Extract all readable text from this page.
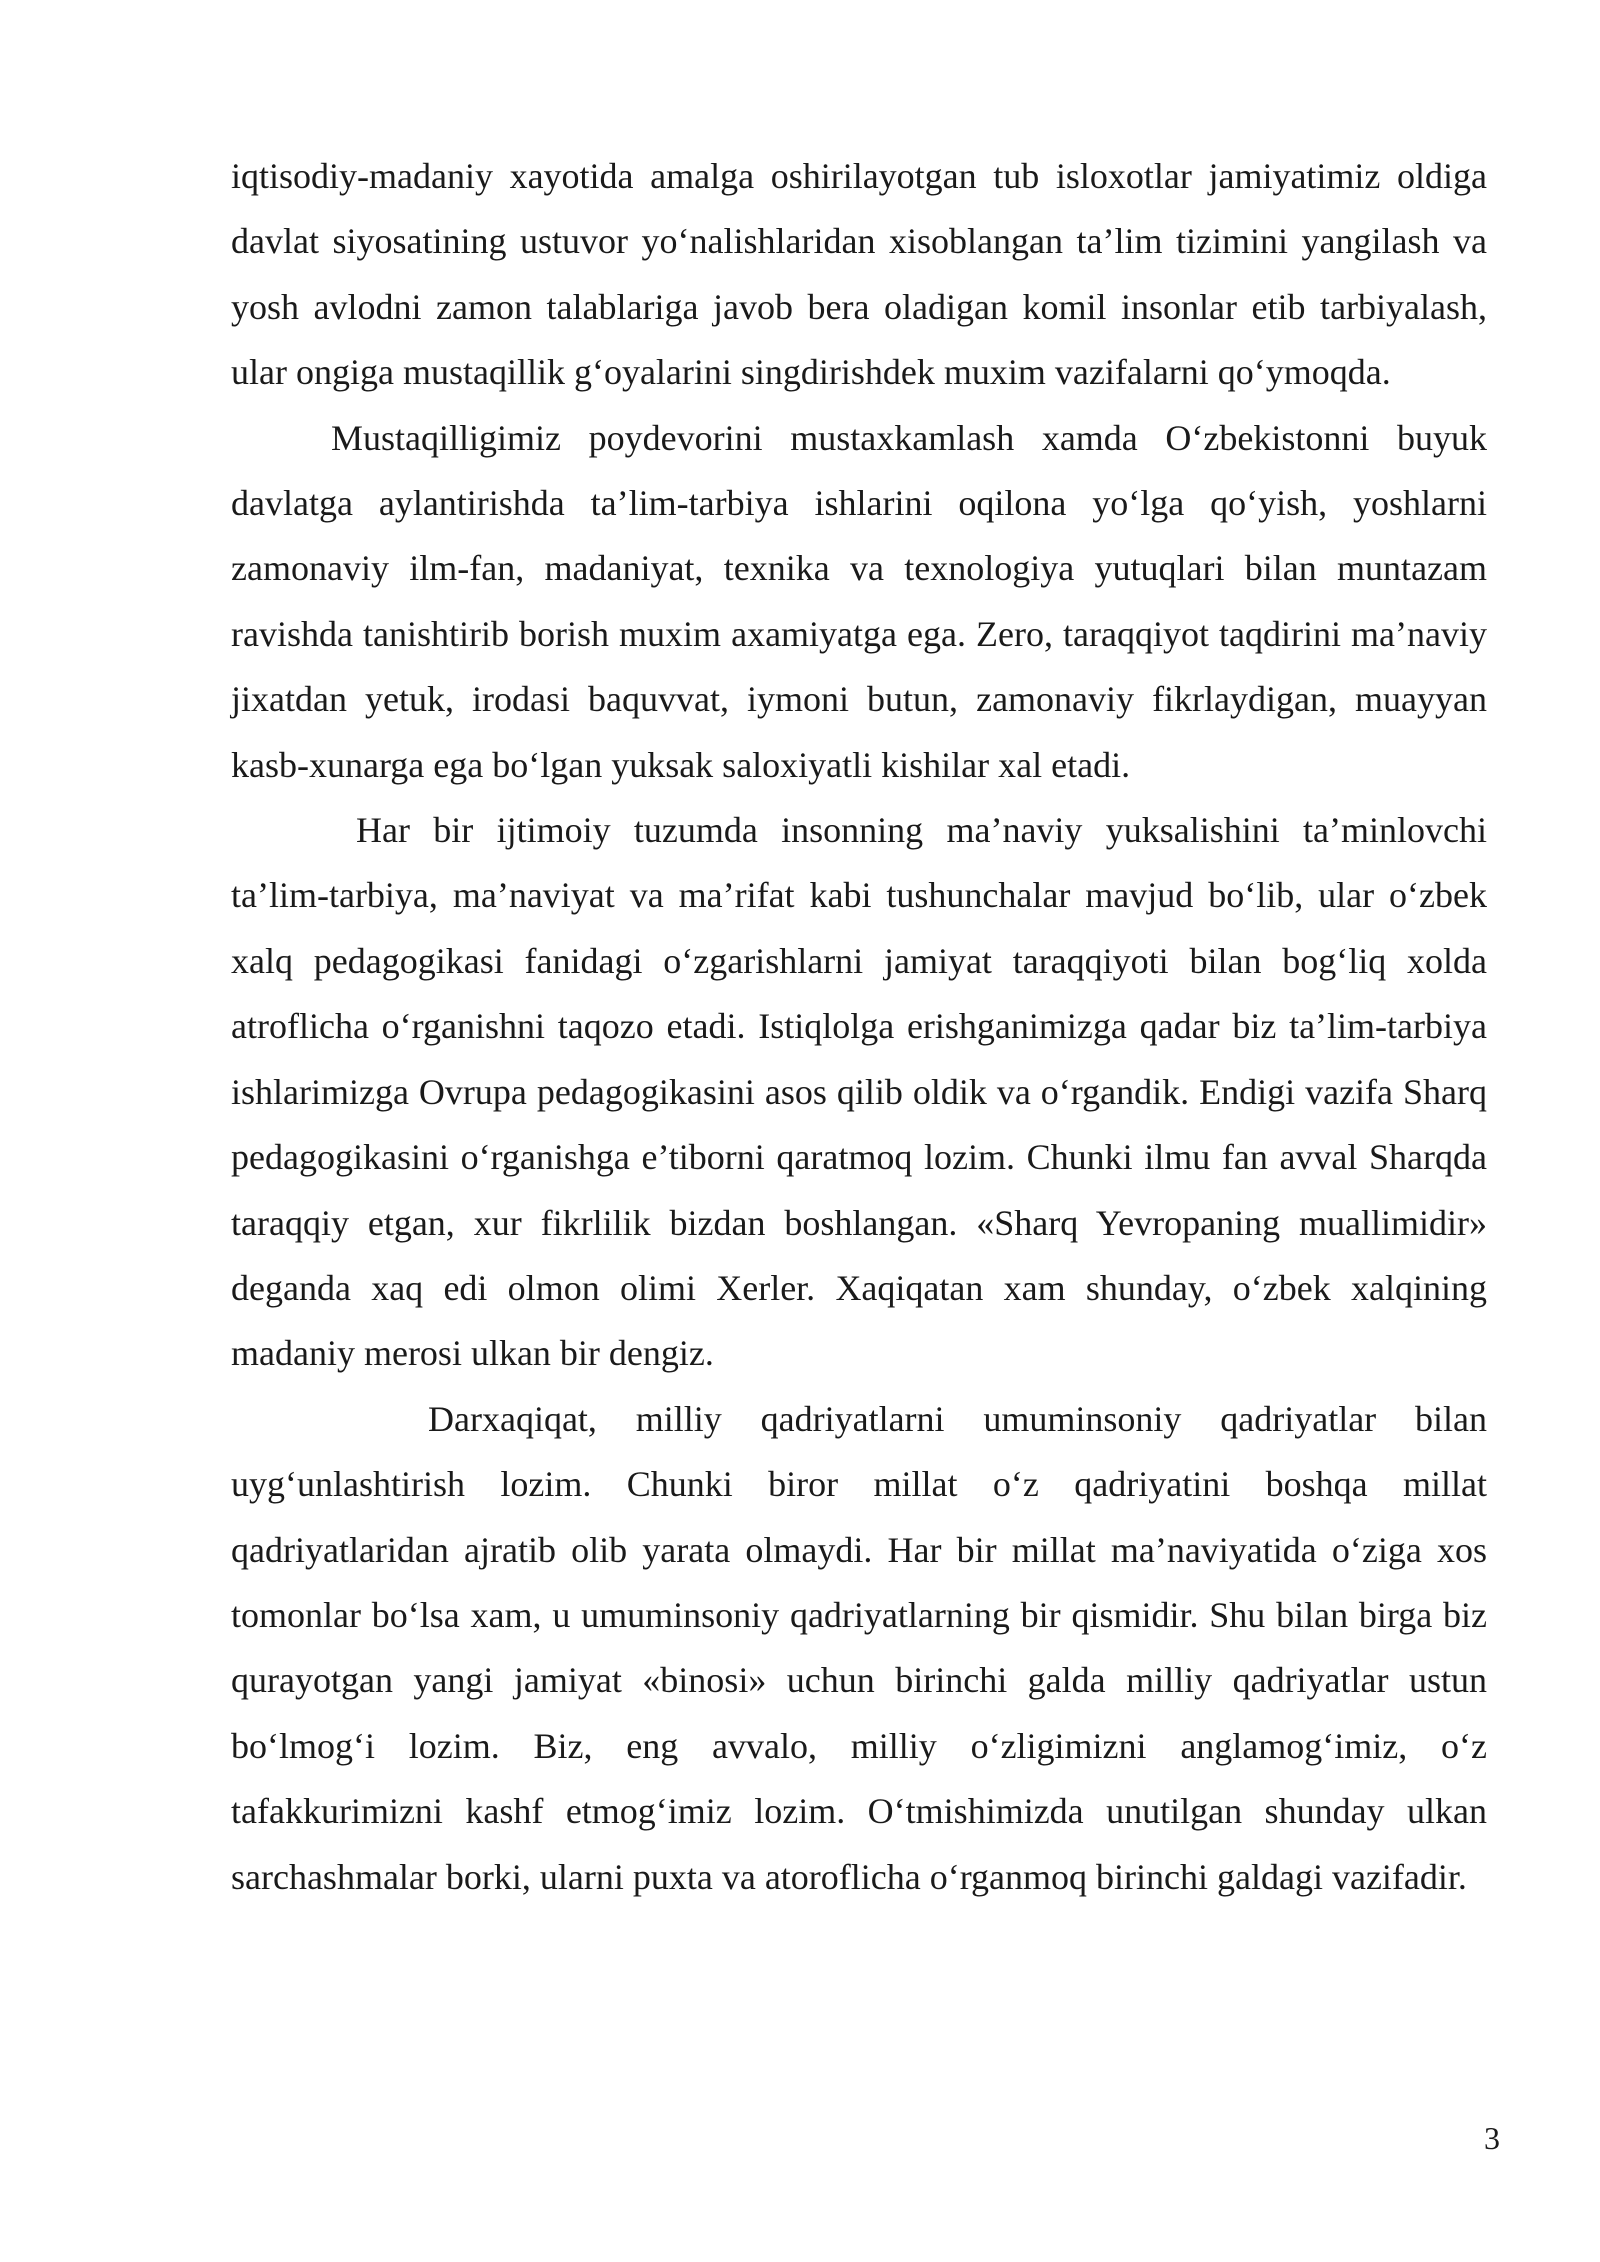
iqtisodiy-madaniy xayotida amalga oshirilayotgan tub isloxotlar jamiyatimiz oldiga davlat siyosatining ustuvor yo‘nalishlaridan xisoblangan ta’lim tizimini yangilash va yosh avlodni zamon talablariga javob bera oladigan komil insonlar etib tarbiyalash, ular ongiga mustaqillik g‘oyalarini singdirishdek muxim vazifalarni qo‘ymoqda.

Mustaqilligimiz poydevorini mustaxkamlash xamda O‘zbekistonni buyuk davlatga aylantirishda ta’lim-tarbiya ishlarini oqilona yo‘lga qo‘yish, yoshlarni zamonaviy ilm-fan, madaniyat, texnika va texnologiya yutuqlari bilan muntazam ravishda tanishtirib borish muxim axamiyatga ega. Zero, taraqqiyot taqdirini ma’naviy jixatdan yetuk, irodasi baquvvat, iymoni butun, zamonaviy fikrlaydigan, muayyan kasb-xunarga ega bo‘lgan yuksak saloxiyatli kishilar xal etadi.

Har bir ijtimoiy tuzumda insonning ma’naviy yuksalishini ta’minlovchi ta’lim-tarbiya, ma’naviyat va ma’rifat kabi tushunchalar mavjud bo‘lib, ular o‘zbek xalq pedagogikasi fanidagi o‘zgarishlarni jamiyat taraqqiyoti bilan bog‘liq xolda atroflicha o‘rganishni taqozo etadi. Istiqlolga erishganimizga qadar biz ta’lim-tarbiya ishlarimizga Ovrupa pedagogikasini asos qilib oldik va o‘rgandik. Endigi vazifa Sharq pedagogikasini o‘rganishga e’tiborni qaratmoq lozim. Chunki ilmu fan avval Sharqda taraqqiy etgan, xur fikrlilik bizdan boshlangan. «Sharq Yevropaning muallimidir» deganda xaq edi olmon olimi Xerler. Xaqiqatan xam shunday, o‘zbek xalqining madaniy merosi ulkan bir dengiz.

Darxaqiqat, milliy qadriyatlarni umuminsoniy qadriyatlar bilan uyg‘unlashtirish lozim. Chunki biror millat o‘z qadriyatini boshqa millat qadriyatlaridan ajratib olib yarata olmaydi. Har bir millat ma’naviyatida o‘ziga xos tomonlar bo‘lsa xam, u umuminsoniy qadriyatlarning bir qismidir. Shu bilan birga biz qurayotgan yangi jamiyat «binosi» uchun birinchi galda milliy qadriyatlar ustun bo‘lmog‘i lozim. Biz, eng avvalo, milliy o‘zligimizni anglamog‘imiz, o‘z tafakkurimizni kashf etmog‘imiz lozim. O‘tmishimizda unutilgan shunday ulkan sarchashmalar borki, ularni puxta va atoroflicha o‘rganmoq birinchi galdagi vazifadir.

3
